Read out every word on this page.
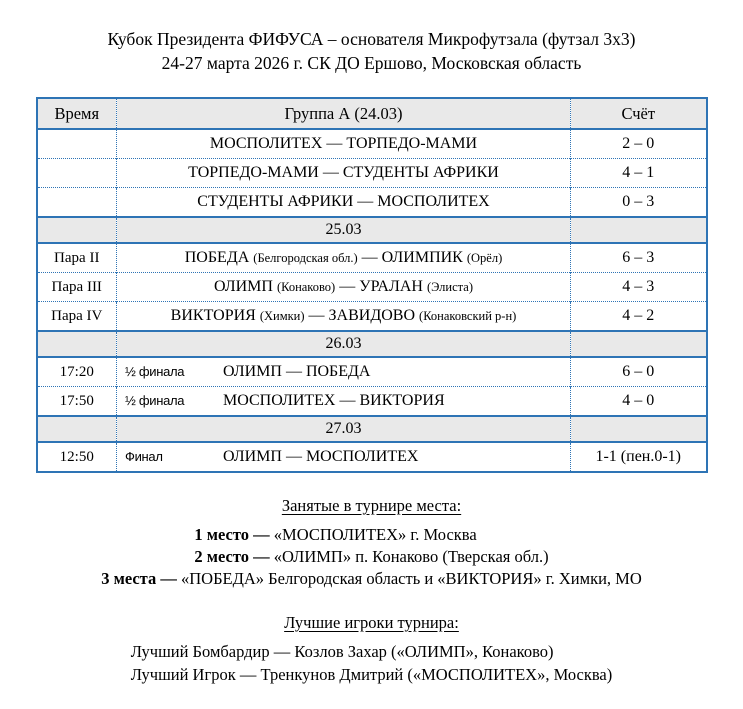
Кубок Президента ФИФУСА – основателя Микрофутзала (футзал 3х3)
24-27 марта 2026 г. СК ДО Ершово, Московская область
Время	Группа А (24.03)	Счёт
	МОСПОЛИТЕХ — ТОРПЕДО-МАМИ	2 – 0
	ТОРПЕДО-МАМИ — СТУДЕНТЫ АФРИКИ	4 – 1
	СТУДЕНТЫ АФРИКИ — МОСПОЛИТЕХ	0 – 3
	25.03	
Пара II	ПОБЕДА (Белгородская обл.) — ОЛИМПИК (Орёл)	6 – 3
Пара III	ОЛИМП (Конаково) — УРАЛАН (Элиста)	4 – 3
Пара IV	ВИКТОРИЯ (Химки) — ЗАВИДОВО (Конаковский р-н)	4 – 2
	26.03	
17:20	½ финала ОЛИМП — ПОБЕДА	6 – 0
17:50	½ финала МОСПОЛИТЕХ — ВИКТОРИЯ	4 – 0
	27.03	
12:50	Финал ОЛИМП — МОСПОЛИТЕХ	1-1 (пен.0-1)
Занятые в турнире места:
1 место — «МОСПОЛИТЕХ» г. Москва
2 место — «ОЛИМП» п. Конаково (Тверская обл.)
3 места — «ПОБЕДА» Белгородская область и «ВИКТОРИЯ» г. Химки, МО
Лучшие игроки турнира:
Лучший Бомбардир — Козлов Захар («ОЛИМП», Конаково)
Лучший Игрок — Тренкунов Дмитрий («МОСПОЛИТЕХ», Москва)
